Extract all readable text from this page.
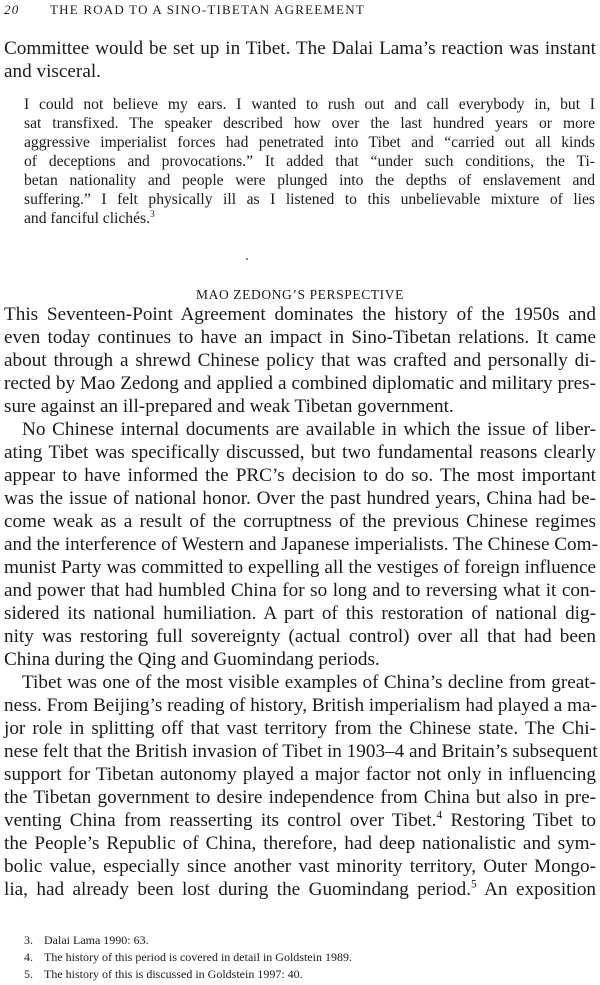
20 THE ROAD TO A SINO-TIBETAN AGREEMENT
Committee would be set up in Tibet. The Dalai Lama’s reaction was instant
and visceral.
I could not believe my ears. I wanted to rush out and call everybody in, but I
sat transfixed. The speaker described how over the last hundred years or more
aggressive imperialist forces had penetrated into Tibet and “carried out all kinds
of deceptions and provocations.” It added that “under such conditions, the Ti-
betan nationality and people were plunged into the depths of enslavement and
suffering.” I felt physically ill as I listened to this unbelievable mixture of lies
and fanciful clichés.$^3$
MAO ZEDONG’S PERSPECTIVE
This Seventeen-Point Agreement dominates the history of the 1950s and
even today continues to have an impact in Sino-Tibetan relations. It came
about through a shrewd Chinese policy that was crafted and personally di-
rected by Mao Zedong and applied a combined diplomatic and military pres-
sure against an ill-prepared and weak Tibetan government.
No Chinese internal documents are available in which the issue of liber-
ating Tibet was specifically discussed, but two fundamental reasons clearly
appear to have informed the PRC’s decision to do so. The most important
was the issue of national honor. Over the past hundred years, China had be-
come weak as a result of the corruptness of the previous Chinese regimes
and the interference of Western and Japanese imperialists. The Chinese Com-
munist Party was committed to expelling all the vestiges of foreign influence
and power that had humbled China for so long and to reversing what it con-
sidered its national humiliation. A part of this restoration of national dig-
nity was restoring full sovereignty (actual control) over all that had been
China during the Qing and Guomindang periods.
Tibet was one of the most visible examples of China’s decline from great-
ness. From Beijing’s reading of history, British imperialism had played a ma-
jor role in splitting off that vast territory from the Chinese state. The Chi-
nese felt that the British invasion of Tibet in 1903–4 and Britain’s subsequent
support for Tibetan autonomy played a major factor not only in influencing
the Tibetan government to desire independence from China but also in pre-
venting China from reasserting its control over Tibet.$^4$ Restoring Tibet to
the People’s Republic of China, therefore, had deep nationalistic and sym-
bolic value, especially since another vast minority territory, Outer Mongo-
lia, had already been lost during the Guomindang period.$^5$ An exposition
3. Dalai Lama 1990: 63.
4. The history of this period is covered in detail in Goldstein 1989.
5. The history of this is discussed in Goldstein 1997: 40.
